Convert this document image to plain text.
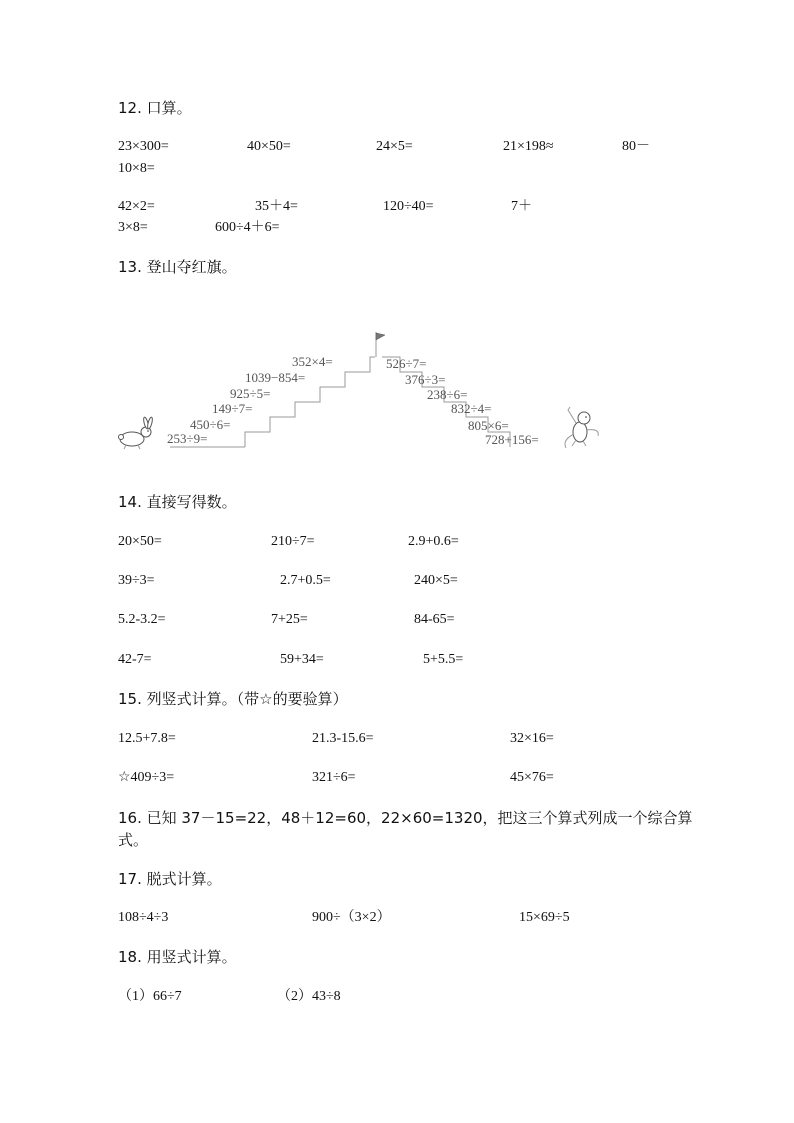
12. 口算。
23×300=	40×50=	24×5=	21×198≈	80－
10×8=
42×2=	35＋4=	120÷40=	7＋
3×8=	600÷4＋6=
13. 登山夺红旗。
253÷9=
450÷6=
149÷7=
925÷5=
1039−854=
352×4=	526÷7=
376÷3=
238÷6=
832÷4=
805×6=
728+156=
14. 直接写得数。
20×50=	210÷7=	2.9+0.6=
39÷3=	2.7+0.5=	240×5=
5.2-3.2=	7+25=	84-65=
42-7=	59+34=	5+5.5=
15. 列竖式计算。（带☆的要验算）
12.5+7.8=	21.3-15.6=	32×16=
☆409÷3=	321÷6=	45×76=
16. 已知 37－15=22，48＋12=60，22×60=1320，把这三个算式列成一个综合算
式。
17. 脱式计算。
108÷4÷3	900÷（3×2）	15×69÷5
18. 用竖式计算。
（1）66÷7	（2）43÷8
